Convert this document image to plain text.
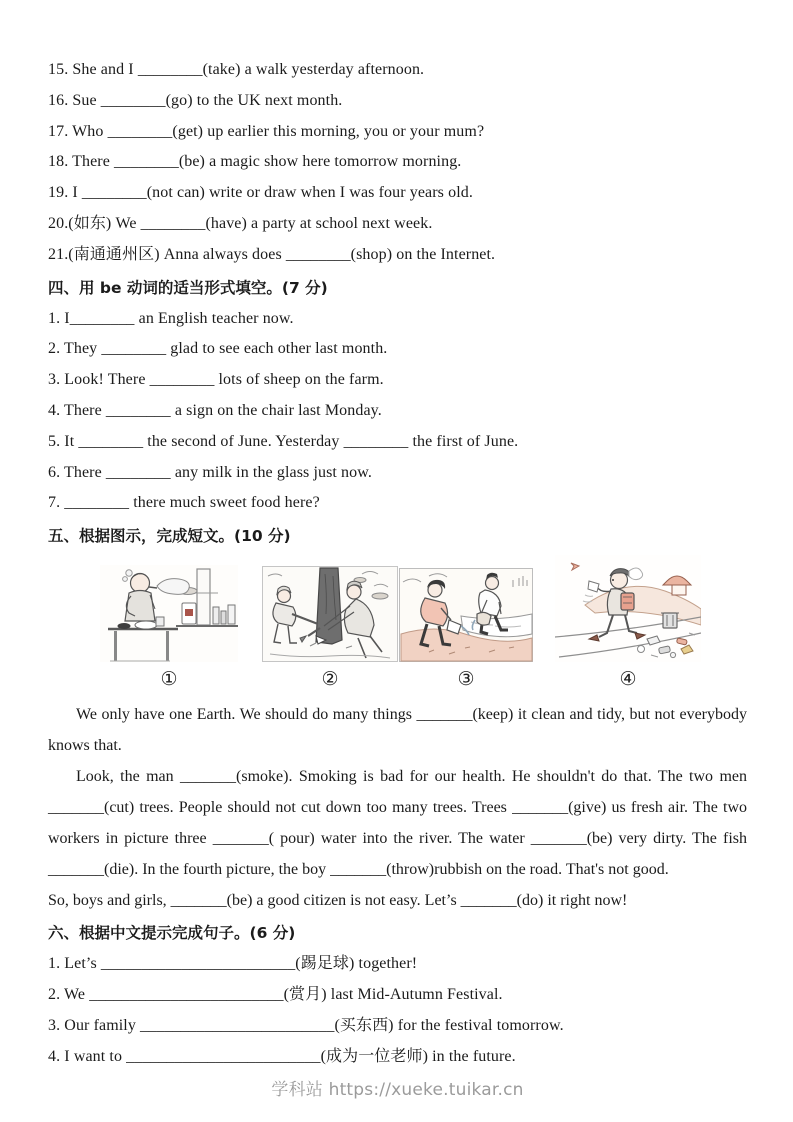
15. She and I ________(take) a walk yesterday afternoon.
16. Sue ________(go) to the UK next month.
17. Who ________(get) up earlier this morning, you or your mum?
18. There ________(be) a magic show here tomorrow morning.
19. I ________(not can) write or draw when I was four years old.
20.(如东) We ________(have) a party at school next week.
21.(南通通州区) Anna always does ________(shop) on the Internet.
四、用 be 动词的适当形式填空。(7 分)
1. I________ an English teacher now.
2. They ________ glad to see each other last month.
3. Look! There ________ lots of sheep on the farm.
4. There ________ a sign on the chair last Monday.
5. It ________ the second of June. Yesterday ________ the first of June.
6. There ________ any milk in the glass just now.
7. ________ there much sweet food here?
五、根据图示，完成短文。(10 分)
①	②	③	④

We only have one Earth. We should do many things _______(keep) it clean and tidy, but not everybody knows that.

Look, the man _______(smoke). Smoking is bad for our health. He shouldn't do that. The two men _______(cut) trees. People should not cut down too many trees. Trees _______(give) us fresh air. The two workers in picture three _______( pour) water into the river. The water _______(be) very dirty. The fish _______(die). In the fourth picture, the boy _______(throw)rubbish on the road. That's not good.

So, boys and girls, _______(be) a good citizen is not easy. Let’s _______(do) it right now!

六、根据中文提示完成句子。(6 分)
1. Let’s ________________________(踢足球) together!
2. We ________________________(赏月) last Mid-Autumn Festival.
3. Our family ________________________(买东西) for the festival tomorrow.
4. I want to ________________________(成为一位老师) in the future.
学科站 https://xueke.tuikar.cn
